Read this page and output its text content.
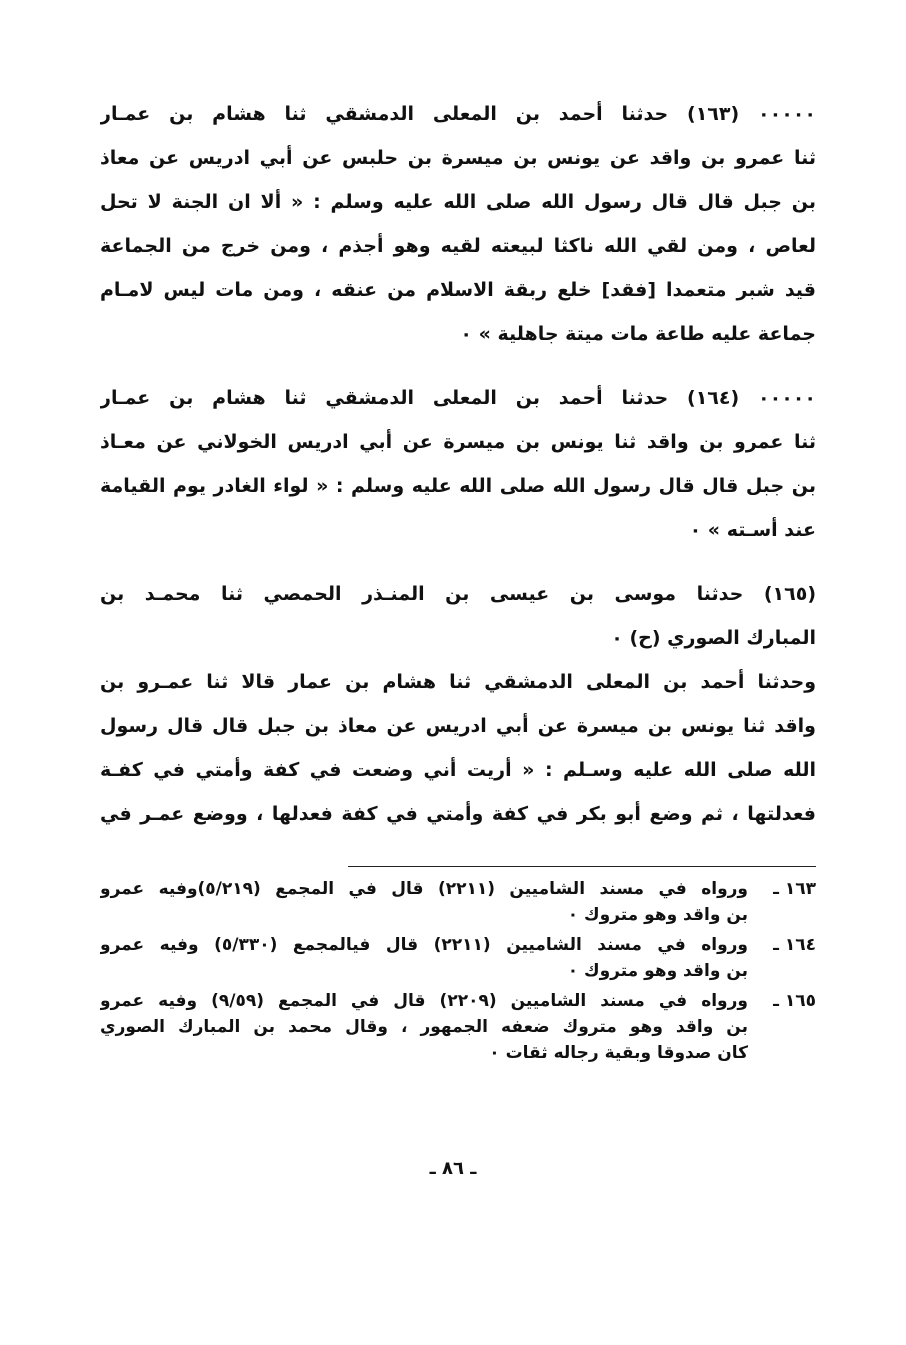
٠٠٠٠٠ (١٦٣) حدثنا أحمد بن المعلى الدمشقي ثنا هشام بن عمـار
ثنا عمرو بن واقد عن يونس بن ميسرة بن حلبس عن أبي ادريس عن معاذ
بن جبل قال قال رسول الله صلى الله عليه وسلم : « ألا ان الجنة لا تحل
لعاص ، ومن لقي الله ناكثا لبيعته لقيه وهو أجذم ، ومن خرج من الجماعة
قيد شبر متعمدا [فقد] خلع ربقة الاسلام من عنقه ، ومن مات ليس لامـام
جماعة عليه طاعة مات ميتة جاهلية » ٠
٠٠٠٠٠ (١٦٤) حدثنا أحمد بن المعلى الدمشقي ثنا هشام بن عمـار
ثنا عمرو بن واقد ثنا يونس بن ميسرة عن أبي ادريس الخولاني عن معـاذ
بن جبل قال قال رسول الله صلى الله عليه وسلم : « لواء الغادر يوم القيامة
عند أسـته » ٠
(١٦٥) حدثنا موسى بن عيسى بن المنـذر الحمصي ثنا محمـد بن
المبارك الصوري (ح) ٠
وحدثنا أحمد بن المعلى الدمشقي ثنا هشام بن عمار قالا ثنا عمـرو بن
واقد ثنا يونس بن ميسرة عن أبي ادريس عن معاذ بن جبل قال قال رسول
الله صلى الله عليه وسـلم : « أريت أني وضعت في كفة وأمتي في كفـة
فعدلتها ، ثم وضع أبو بكر في كفة وأمتي في كفة فعدلها ، ووضع عمـر في
١٦٣ ـ
ورواه في مسند الشاميين (٢٢١١) قال في المجمع (٥/٢١٩)وفيه عمرو
بن واقد وهو متروك ٠
١٦٤ ـ
ورواه في مسند الشاميين (٢٢١١) قال فيالمجمع (٥/٣٣٠) وفيه عمرو
بن واقد وهو متروك ٠
١٦٥ ـ
ورواه في مسند الشاميين (٢٢٠٩) قال في المجمع (٩/٥٩) وفيه عمرو
بن واقد وهو متروك ضعفه الجمهور ، وقال محمد بن المبارك الصوري
كان صدوقا وبقية رجاله ثقات ٠
ـ ٨٦ ـ
